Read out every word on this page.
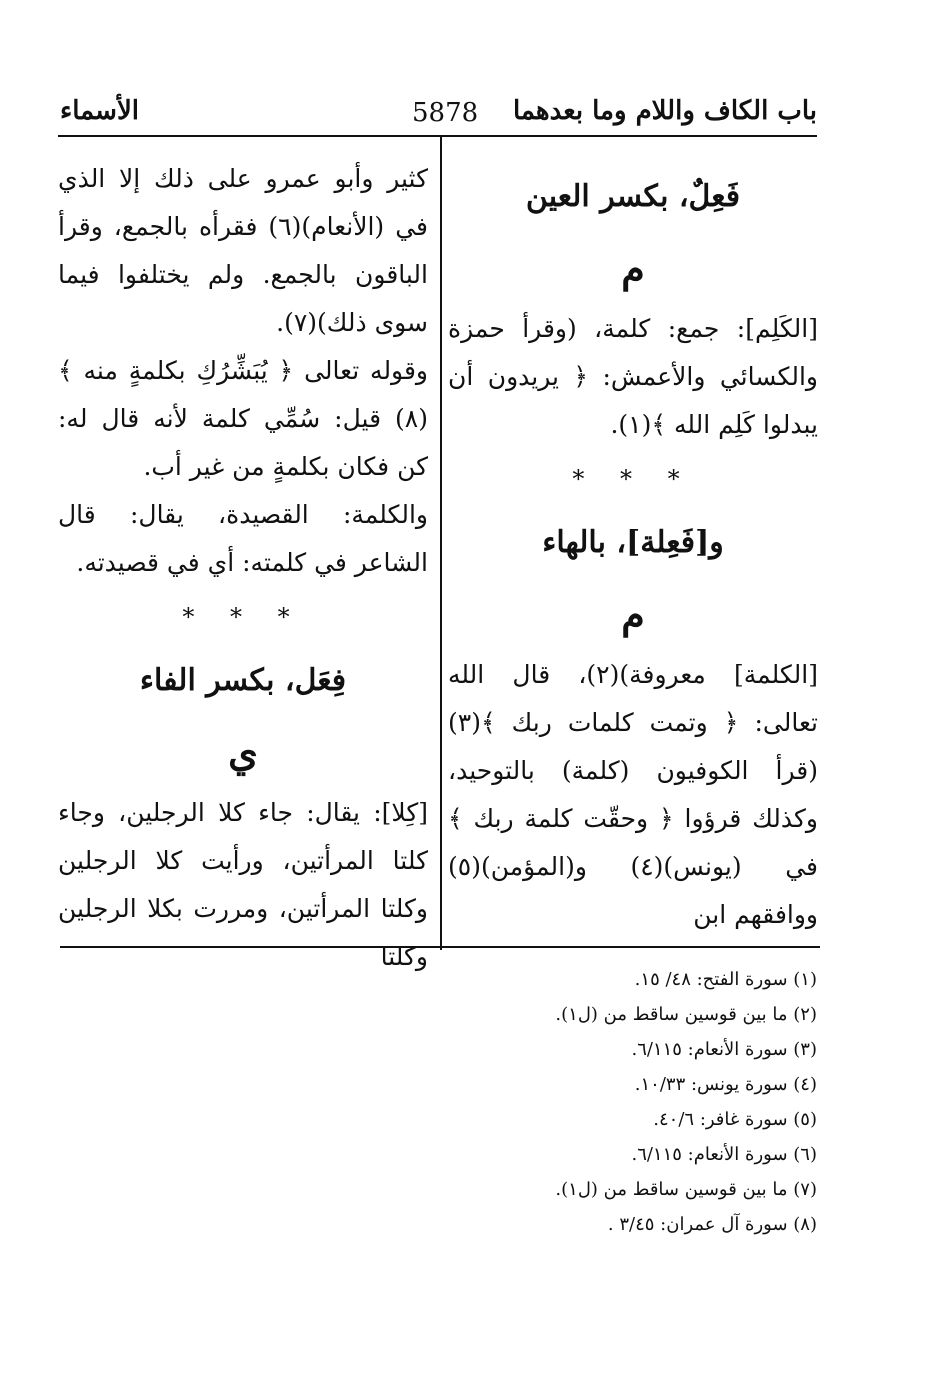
باب الكاف واللام وما بعدهما
5878
الأسماء
فَعِلٌ، بكسر العين
م
[الكَلِم]: جمع: كلمة، (وقرأ حمزة والكسائي والأعمش: ﴿ يريدون أن يبدلوا كَلِم الله ﴾(١).
* * *
و[فَعِلة]، بالهاء
م
[الكلمة] معروفة)(٢)، قال الله تعالى: ﴿ وتمت كلمات ربك ﴾(٣) (قرأ الكوفيون (كلمة) بالتوحيد، وكذلك قرؤوا ﴿ وحقّت كلمة ربك ﴾ في (يونس)(٤) و(المؤمن)(٥) ووافقهم ابن
كثير وأبو عمرو على ذلك إلا الذي في (الأنعام)(٦) فقرأه بالجمع، وقرأ الباقون بالجمع. ولم يختلفوا فيما سوى ذلك)(٧).
وقوله تعالى ﴿ يُبَشِّرُكِ بكلمةٍ منه ﴾(٨) قيل: سُمِّي كلمة لأنه قال له: كن فكان بكلمةٍ من غير أب.
والكلمة: القصيدة، يقال: قال الشاعر في كلمته: أي في قصيدته.
* * *
فِعَل، بكسر الفاء
ي
[كِلا]: يقال: جاء كلا الرجلين، وجاء كلتا المرأتين، ورأيت كلا الرجلين وكلتا المرأتين، ومررت بكلا الرجلين وكلتا
(١) سورة الفتح: ٤٨/ ١٥.
(٢) ما بين قوسين ساقط من (ل١).
(٣) سورة الأنعام: ٦/١١٥.
(٤) سورة يونس: ١٠/٣٣.
(٥) سورة غافر: ٤٠/٦.
(٦) سورة الأنعام: ٦/١١٥.
(٧) ما بين قوسين ساقط من (ل١).
(٨) سورة آل عمران: ٣/٤٥ .
